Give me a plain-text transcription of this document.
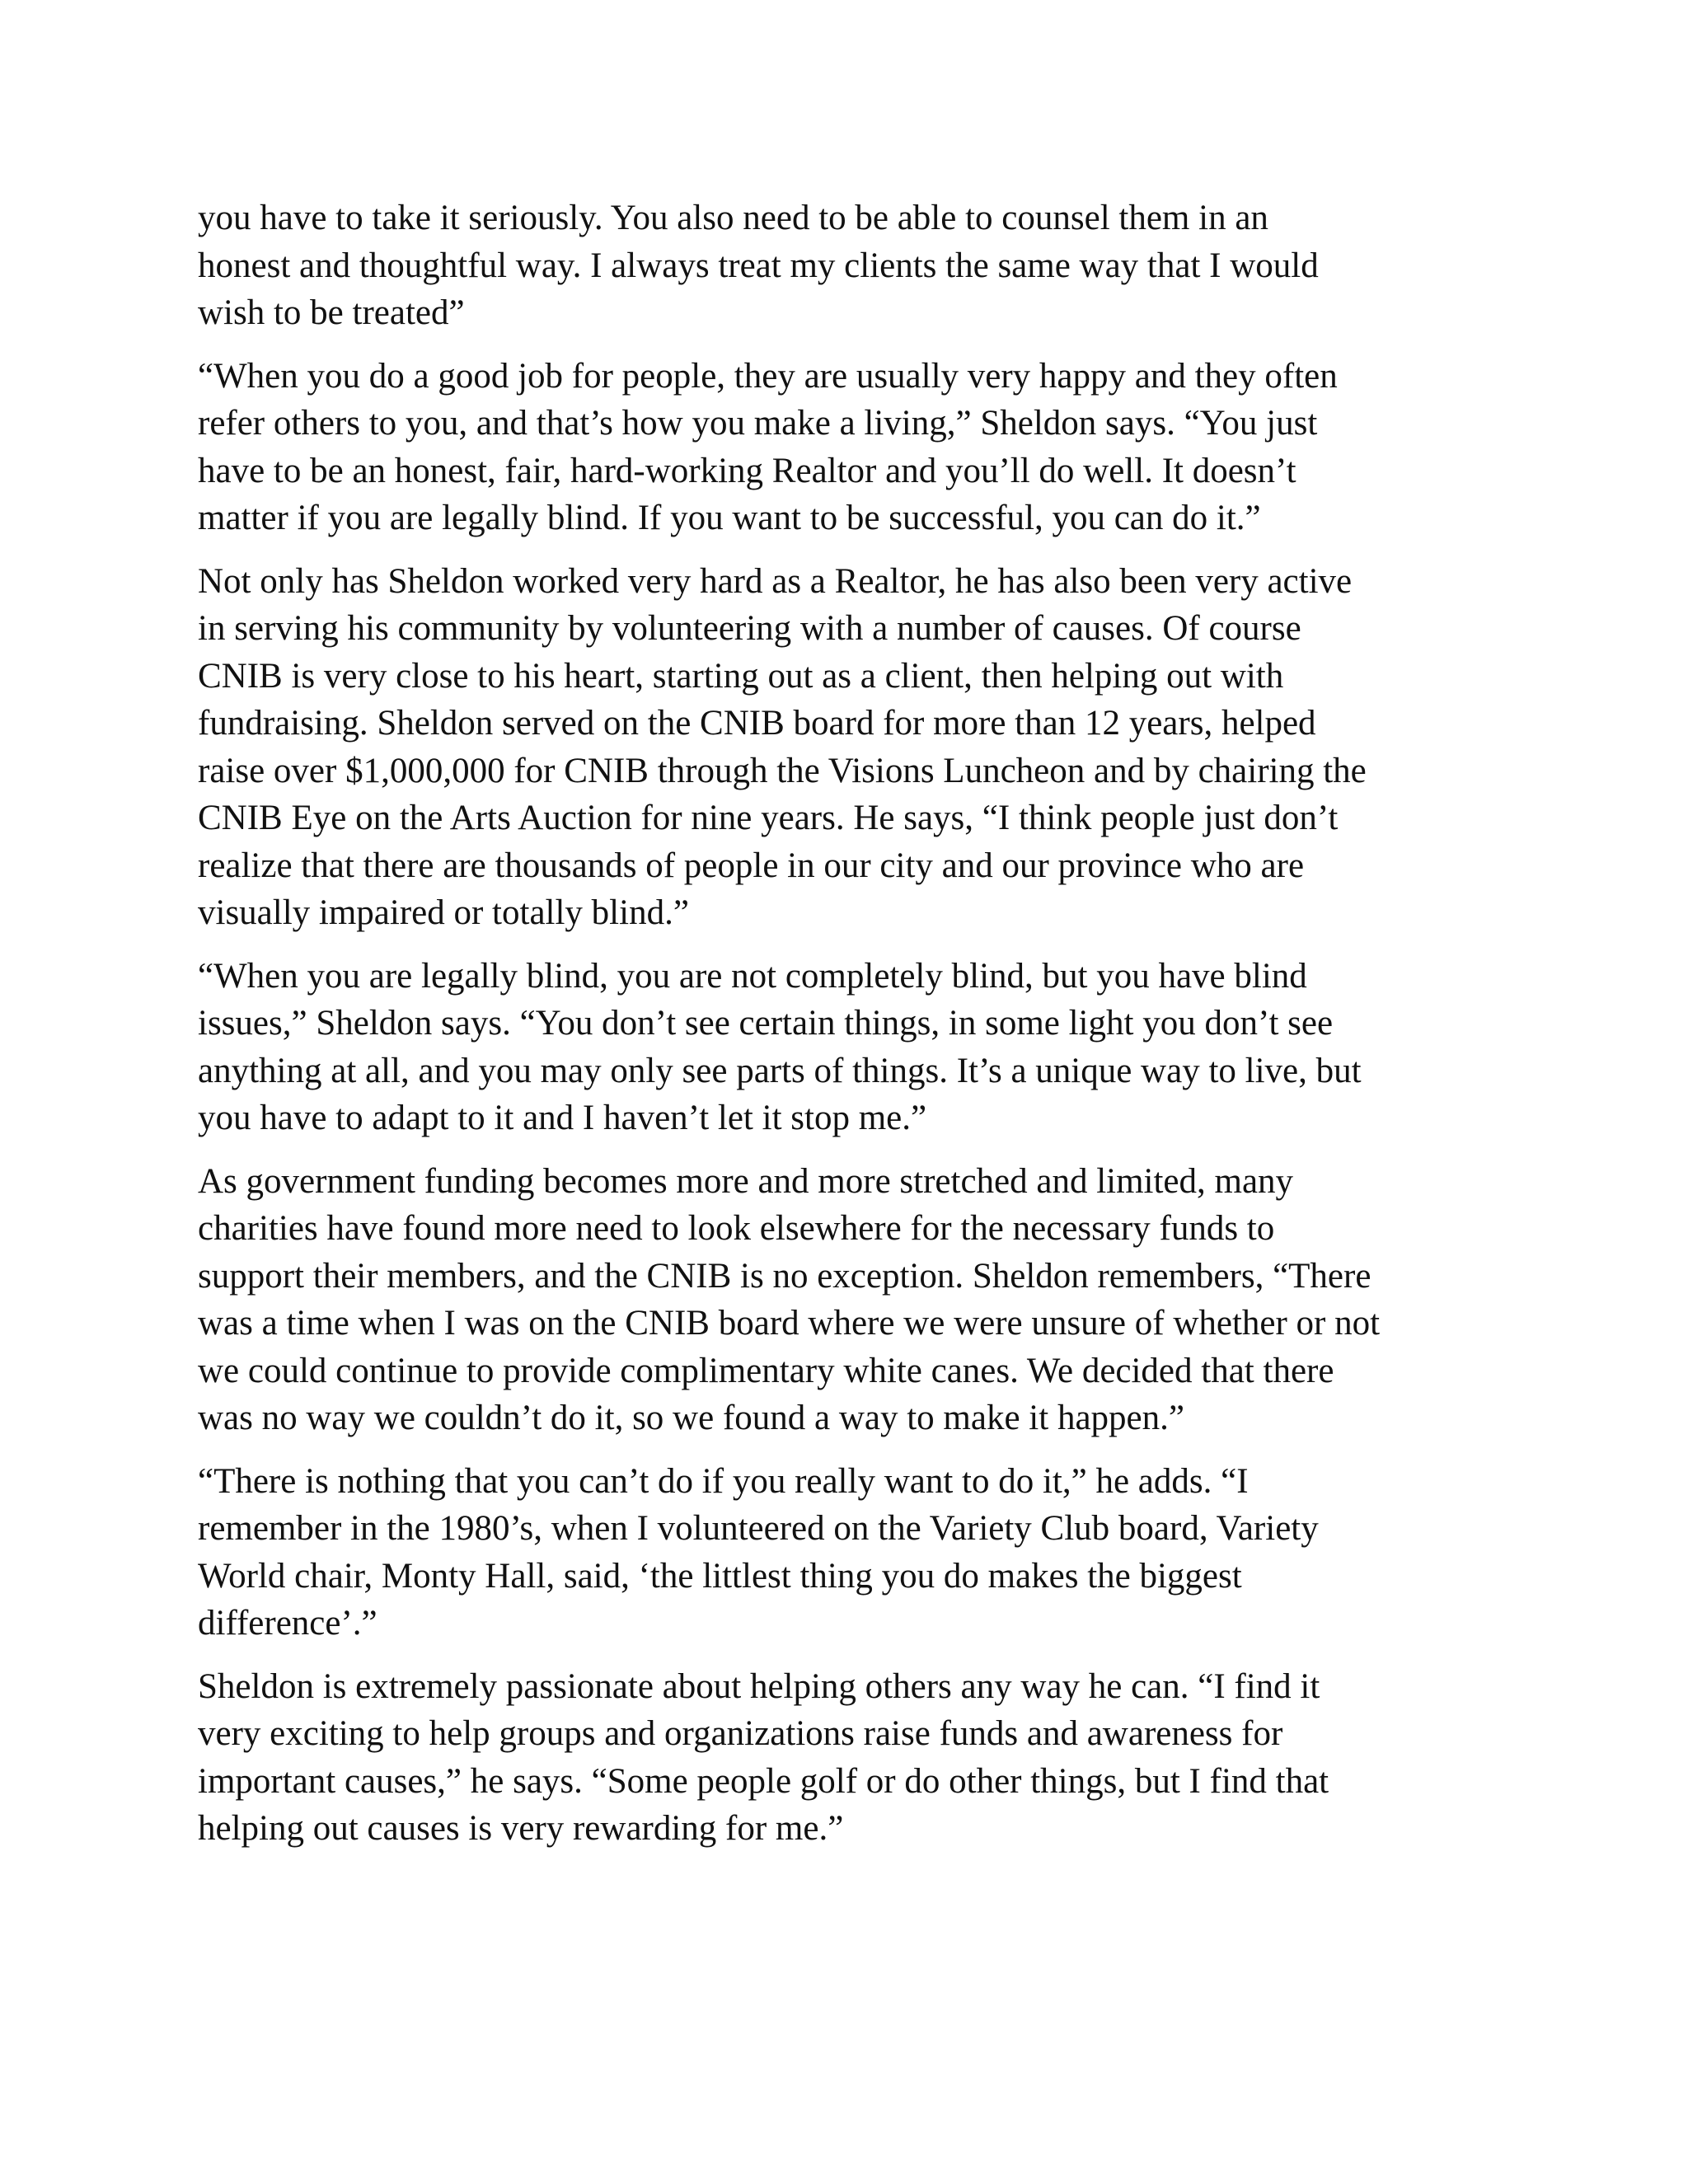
you have to take it seriously. You also need to be able to counsel them in an
honest and thoughtful way. I always treat my clients the same way that I would
wish to be treated”

“When you do a good job for people, they are usually very happy and they often
refer others to you, and that’s how you make a living,” Sheldon says. “You just
have to be an honest, fair, hard-working Realtor and you’ll do well. It doesn’t
matter if you are legally blind. If you want to be successful, you can do it.”

Not only has Sheldon worked very hard as a Realtor, he has also been very active
in serving his community by volunteering with a number of causes. Of course
CNIB is very close to his heart, starting out as a client, then helping out with
fundraising. Sheldon served on the CNIB board for more than 12 years, helped
raise over $1,000,000 for CNIB through the Visions Luncheon and by chairing the
CNIB Eye on the Arts Auction for nine years. He says, “I think people just don’t
realize that there are thousands of people in our city and our province who are
visually impaired or totally blind.”

“When you are legally blind, you are not completely blind, but you have blind
issues,” Sheldon says. “You don’t see certain things, in some light you don’t see
anything at all, and you may only see parts of things. It’s a unique way to live, but
you have to adapt to it and I haven’t let it stop me.”

As government funding becomes more and more stretched and limited, many
charities have found more need to look elsewhere for the necessary funds to
support their members, and the CNIB is no exception. Sheldon remembers, “There
was a time when I was on the CNIB board where we were unsure of whether or not
we could continue to provide complimentary white canes. We decided that there
was no way we couldn’t do it, so we found a way to make it happen.”

“There is nothing that you can’t do if you really want to do it,” he adds. “I
remember in the 1980’s, when I volunteered on the Variety Club board, Variety
World chair, Monty Hall, said, ‘the littlest thing you do makes the biggest
difference’.”

Sheldon is extremely passionate about helping others any way he can. “I find it
very exciting to help groups and organizations raise funds and awareness for
important causes,” he says. “Some people golf or do other things, but I find that
helping out causes is very rewarding for me.”
